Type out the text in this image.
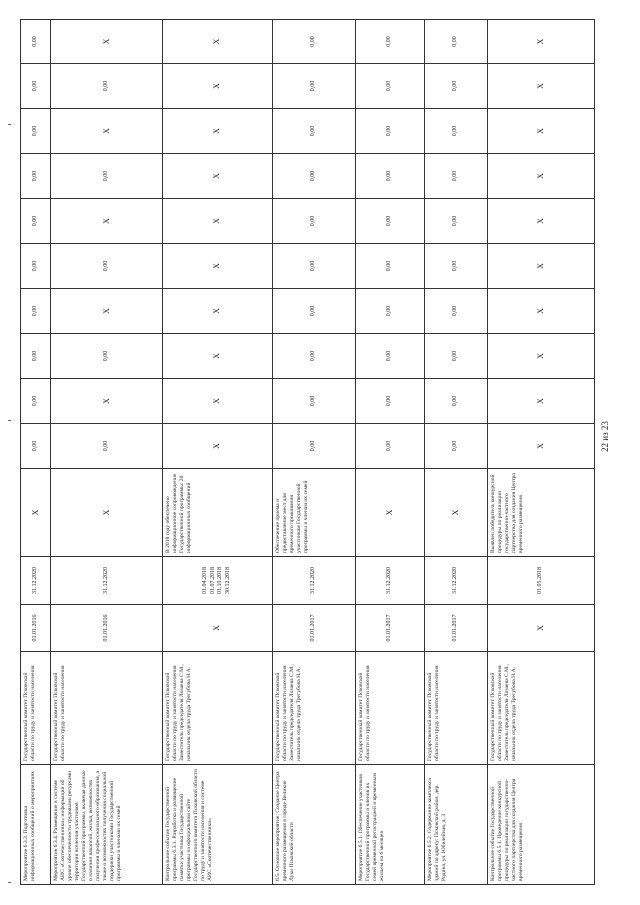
Мероприятие 6.3.3. Подготовка информационных сообщений о мероприятиях	Государственный комитет Псковской области по труду и занятости населения	01.01.2016	31.12.2020	X	0,00	0,00	0,00	0,00	0,00	0,00	0,00	0,00	0,00	0,00
Мероприятие 6.3.4. Размещение в системе АИС «Соотечественники» информации об уровне обеспеченности трудовыми ресурсами территории вселения участников Государственной программы, включая данные о наличии вакансий, жилья, возможностях получения профессионального образования, а также о возможностях получения социальной поддержки участниками Государственной программы и членами их семей	Государственный комитет Псковской области по труду и занятости населения	01.01.2016	31.12.2020	X	0,00	X	0,00	X	0,00	X	0,00	X	0,00	X
Контрольное событие Государственной программы 6.3.1. Разработка и размещение памятки участника Государственной программы на официальном сайте Государственного комитета Псковской области по труду и занятости населения и системе АИС «Соотечественники»	Государственный комитет Псковской области по труду и занятости населения Заместитель председателя Лозаева С.М., начальник отдела труда Трегубова Н.А.	X	01.04.2018 01.07.2018 01.10.2018 30.12.2018	В 2018 году обеспечено информационное сопровождение Государственной программы: 20 информационных сообщений	X	X	X	X	X	X	X	X	X	X
6.5. Основное мероприятие: Создание Центра временного размещения в городе Великие Луки Псковской области	Государственный комитет Псковской области по труду и занятости населения Заместитель председателя Лозаева С.М., начальник отдела труда Трегубова Н.А.	01.01.2017	31.12.2020	Обеспечение приема и предоставление мест для временного проживания участникам Государственной программы и членам их семей	0,00	0,00	0,00	0,00	0,00	0,00	0,00	0,00	0,00	0,00
Мероприятие 6.5.1. Обеспечение участников Государственной программы и членов их семей временной регистрацией и временным жильем на 6 месяцев	Государственный комитет Псковской области по труду и занятости населения	01.01.2017	31.12.2020	X	0,00	0,00	0,00	0,00	0,00	0,00	0,00	0,00	0,00	0,00
Мероприятие 6.5.2. Содержание комплекса зданий по адресу: Псковской район, дер. Родина, ул. Юбилейная, д. 3	Государственный комитет Псковской области по труду и занятости населения	01.01.2017	31.12.2020	X	0,00	0,00	0,00	0,00	0,00	0,00	0,00	0,00	0,00	0,00
Контрольное событие Государственной программы 6.5.1. Проведение конкурсной процедуры по реализации государственно-частного партнерства для создания Центра временного размещения	Государственный комитет Псковской области по труду и занятости населения Заместитель председателя Лозаева С.М., начальник отдела труда Трегубова Н.А.	X	01.05.2018	Выявлен победитель конкурсной процедуры по реализации государственно-частного партнерства для создания Центра временного размещения	X	X	X	X	X	X	X	X	X	X
22 из 23
